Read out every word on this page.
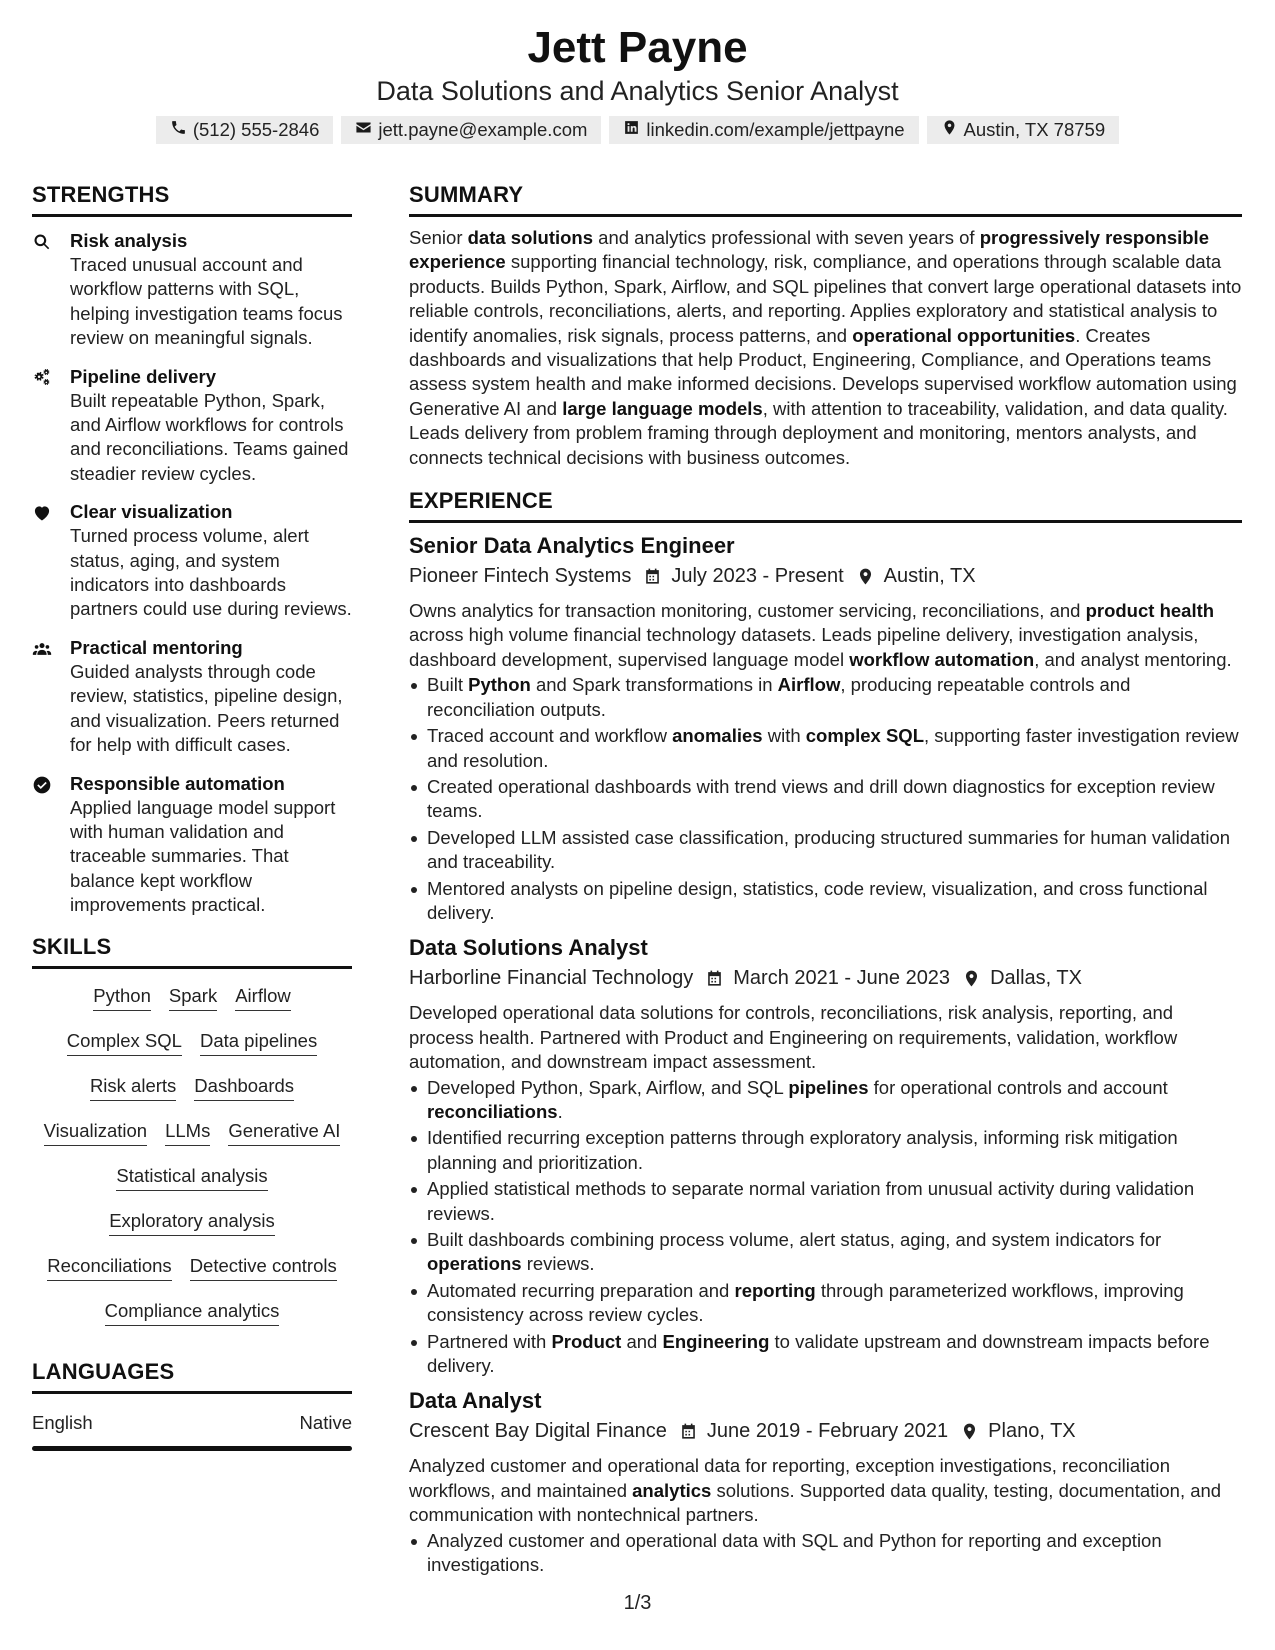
Jett Payne
Data Solutions and Analytics Senior Analyst
(512) 555-2846	jett.payne@example.com	linkedin.com/example/jettpayne	Austin, TX 78759
STRENGTHS
Risk analysis
Traced unusual account and workflow patterns with SQL, helping investigation teams focus review on meaningful signals.
Pipeline delivery
Built repeatable Python, Spark, and Airflow workflows for controls and reconciliations. Teams gained steadier review cycles.
Clear visualization
Turned process volume, alert status, aging, and system indicators into dashboards partners could use during reviews.
Practical mentoring
Guided analysts through code review, statistics, pipeline design, and visualization. Peers returned for help with difficult cases.
Responsible automation
Applied language model support with human validation and traceable summaries. That balance kept workflow improvements practical.
SKILLS
Python Spark Airflow
Complex SQL Data pipelines
Risk alerts Dashboards
Visualization LLMs Generative AI
Statistical analysis
Exploratory analysis
Reconciliations Detective controls
Compliance analytics
LANGUAGES
English	Native
SUMMARY
Senior data solutions and analytics professional with seven years of progressively responsible experience supporting financial technology, risk, compliance, and operations through scalable data products. Builds Python, Spark, Airflow, and SQL pipelines that convert large operational datasets into reliable controls, reconciliations, alerts, and reporting. Applies exploratory and statistical analysis to identify anomalies, risk signals, process patterns, and operational opportunities. Creates dashboards and visualizations that help Product, Engineering, Compliance, and Operations teams assess system health and make informed decisions. Develops supervised workflow automation using Generative AI and large language models, with attention to traceability, validation, and data quality. Leads delivery from problem framing through deployment and monitoring, mentors analysts, and connects technical decisions with business outcomes.
EXPERIENCE
Senior Data Analytics Engineer
Pioneer Fintech Systems July 2023 - Present Austin, TX
Owns analytics for transaction monitoring, customer servicing, reconciliations, and product health across high volume financial technology datasets. Leads pipeline delivery, investigation analysis, dashboard development, supervised language model workflow automation, and analyst mentoring.
Built Python and Spark transformations in Airflow, producing repeatable controls and reconciliation outputs.
Traced account and workflow anomalies with complex SQL, supporting faster investigation review and resolution.
Created operational dashboards with trend views and drill down diagnostics for exception review teams.
Developed LLM assisted case classification, producing structured summaries for human validation and traceability.
Mentored analysts on pipeline design, statistics, code review, visualization, and cross functional delivery.
Data Solutions Analyst
Harborline Financial Technology March 2021 - June 2023 Dallas, TX
Developed operational data solutions for controls, reconciliations, risk analysis, reporting, and process health. Partnered with Product and Engineering on requirements, validation, workflow automation, and downstream impact assessment.
Developed Python, Spark, Airflow, and SQL pipelines for operational controls and account reconciliations.
Identified recurring exception patterns through exploratory analysis, informing risk mitigation planning and prioritization.
Applied statistical methods to separate normal variation from unusual activity during validation reviews.
Built dashboards combining process volume, alert status, aging, and system indicators for operations reviews.
Automated recurring preparation and reporting through parameterized workflows, improving consistency across review cycles.
Partnered with Product and Engineering to validate upstream and downstream impacts before delivery.
Data Analyst
Crescent Bay Digital Finance June 2019 - February 2021 Plano, TX
Analyzed customer and operational data for reporting, exception investigations, reconciliation workflows, and maintained analytics solutions. Supported data quality, testing, documentation, and communication with nontechnical partners.
Analyzed customer and operational data with SQL and Python for reporting and exception investigations.
1/3
